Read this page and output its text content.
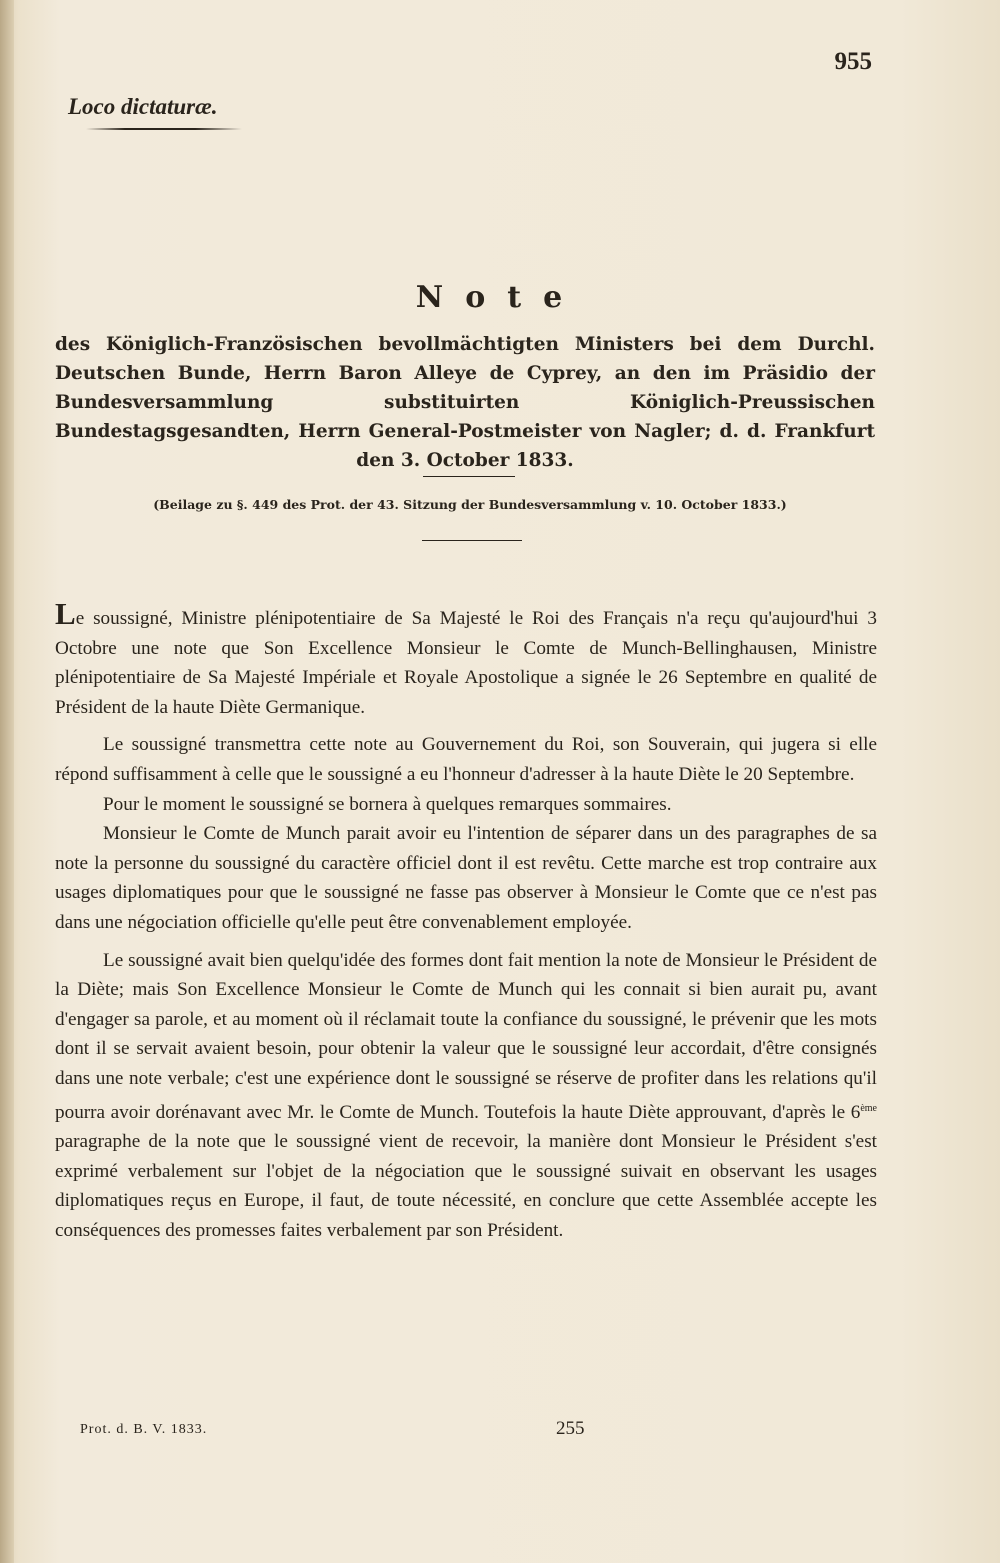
955
Loco dictaturæ.
Note
des Königlich-Französischen bevollmächtigten Ministers bei dem Durchl. Deutschen Bunde, Herrn Baron Alleye de Cyprey, an den im Präsidio der Bundesversammlung substituirten Königlich-Preussischen Bundestagsgesandten, Herrn General-Postmeister von Nagler; d. d. Frankfurt den 3. October 1833.
(Beilage zu §. 449 des Prot. der 43. Sitzung der Bundesversammlung v. 10. October 1833.)

Le soussigné, Ministre plénipotentiaire de Sa Majesté le Roi des Français n'a reçu qu'aujourd'hui 3 Octobre une note que Son Excellence Monsieur le Comte de Munch-Bellinghausen, Ministre plénipotentiaire de Sa Majesté Impériale et Royale Apostolique a signée le 26 Septembre en qualité de Président de la haute Diète Germanique.

Le soussigné transmettra cette note au Gouvernement du Roi, son Souverain, qui jugera si elle répond suffisamment à celle que le soussigné a eu l'honneur d'adresser à la haute Diète le 20 Septembre.

Pour le moment le soussigné se bornera à quelques remarques sommaires.

Monsieur le Comte de Munch parait avoir eu l'intention de séparer dans un des paragraphes de sa note la personne du soussigné du caractère officiel dont il est revêtu. Cette marche est trop contraire aux usages diplomatiques pour que le soussigné ne fasse pas observer à Monsieur le Comte que ce n'est pas dans une négociation officielle qu'elle peut être convenablement employée.

Le soussigné avait bien quelqu'idée des formes dont fait mention la note de Monsieur le Président de la Diète; mais Son Excellence Monsieur le Comte de Munch qui les connait si bien aurait pu, avant d'engager sa parole, et au moment où il réclamait toute la confiance du soussigné, le prévenir que les mots dont il se servait avaient besoin, pour obtenir la valeur que le soussigné leur accordait, d'être consignés dans une note verbale; c'est une expérience dont le soussigné se réserve de profiter dans les relations qu'il pourra avoir dorénavant avec Mr. le Comte de Munch. Toutefois la haute Diète approuvant, d'après le 6ème paragraphe de la note que le soussigné vient de recevoir, la manière dont Monsieur le Président s'est exprimé verbalement sur l'objet de la négociation que le soussigné suivait en observant les usages diplomatiques reçus en Europe, il faut, de toute nécessité, en conclure que cette Assemblée accepte les conséquences des promesses faites verbalement par son Président.

Prot. d. B. V. 1833.	255
